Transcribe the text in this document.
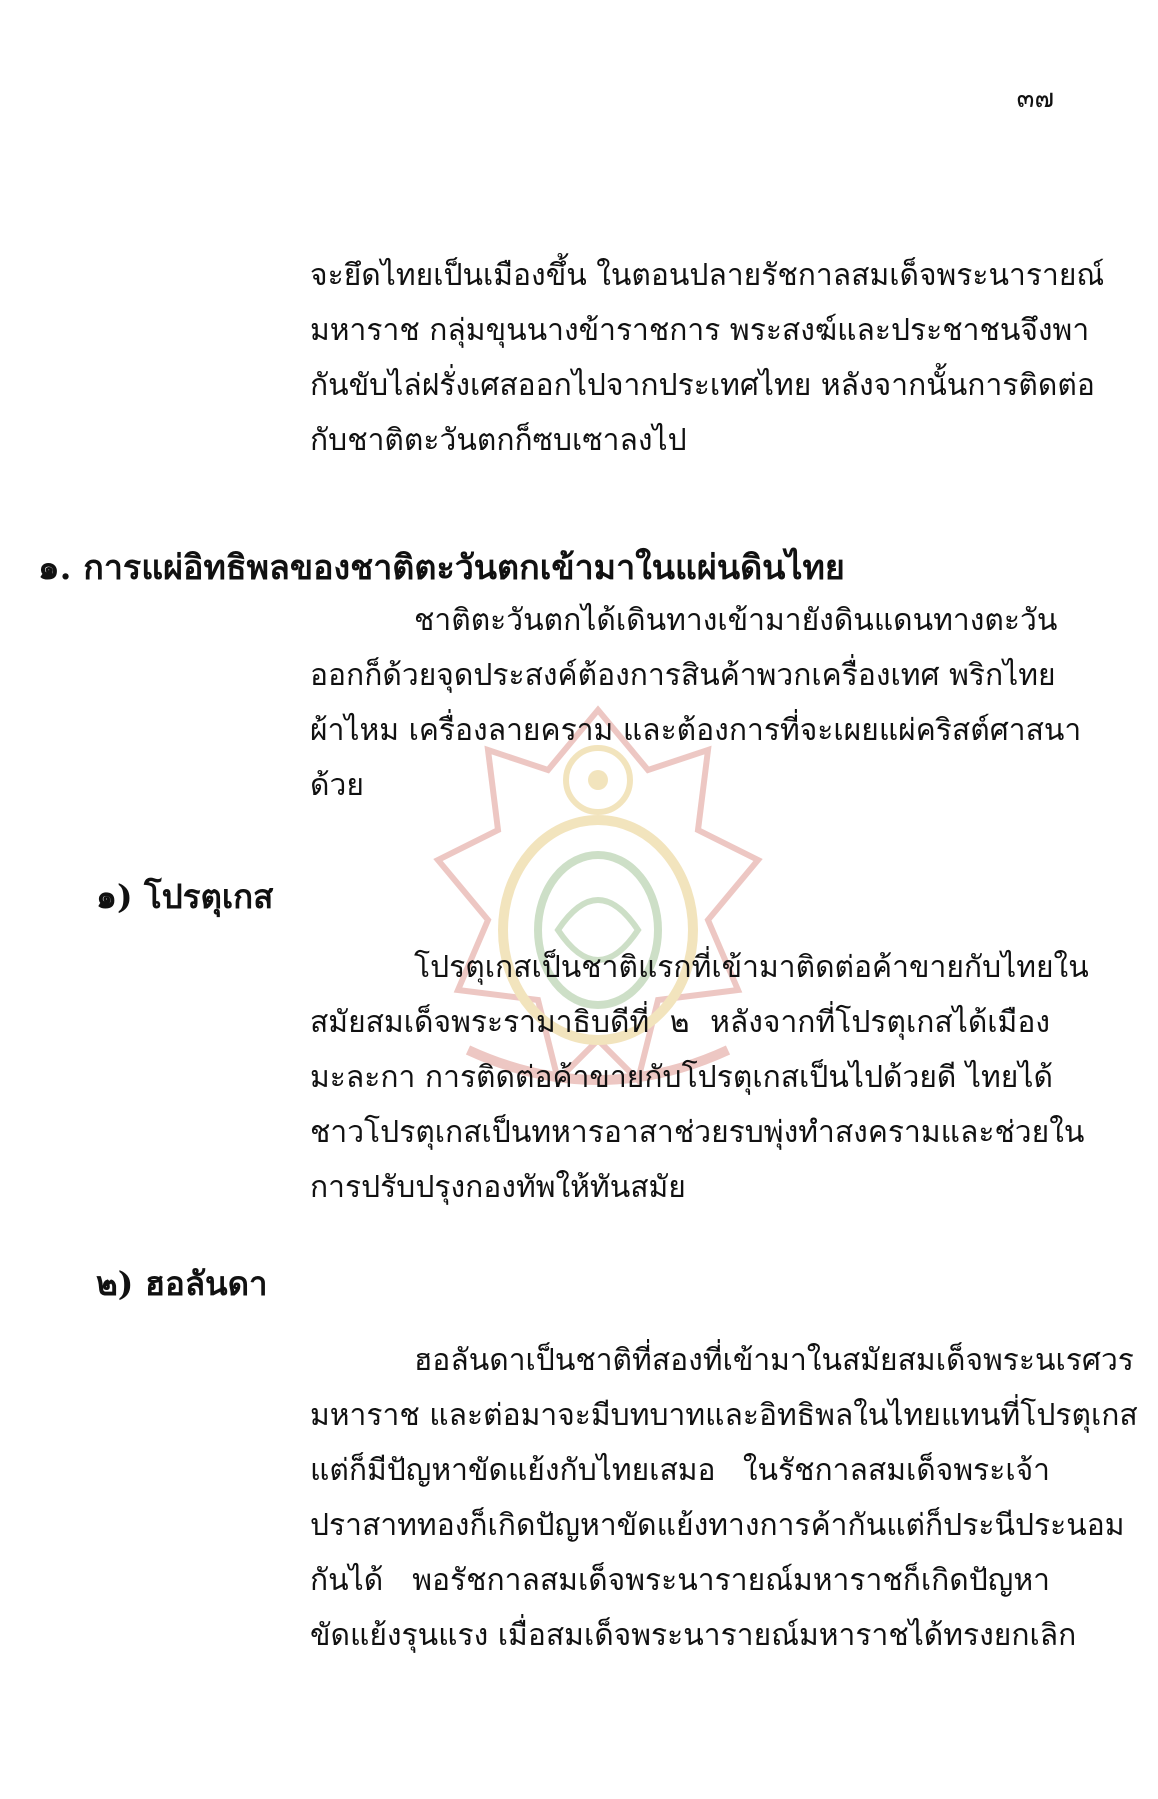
๓๗
จะยึดไทยเป็นเมืองขึ้น ในตอนปลายรัชกาลสมเด็จพระนารายณ์
มหาราช กลุ่มขุนนางข้าราชการ พระสงฆ์และประชาชนจึงพา
กันขับไล่ฝรั่งเศสออกไปจากประเทศไทย หลังจากนั้นการติดต่อ
กับชาติตะวันตกก็ซบเซาลงไป
๑. การแผ่อิทธิพลของชาติตะวันตกเข้ามาในแผ่นดินไทย
ชาติตะวันตกได้เดินทางเข้ามายังดินแดนทางตะวัน
ออกก็ด้วยจุดประสงค์ต้องการสินค้าพวกเครื่องเทศ พริกไทย
ผ้าไหม เครื่องลายคราม และต้องการที่จะเผยแผ่คริสต์ศาสนา
ด้วย
๑) โปรตุเกส
โปรตุเกสเป็นชาติแรกที่เข้ามาติดต่อค้าขายกับไทยใน
สมัยสมเด็จพระรามาธิบดีที่ ๒ หลังจากที่โปรตุเกสได้เมือง
มะละกา การติดต่อค้าขายกับโปรตุเกสเป็นไปด้วยดี ไทยได้
ชาวโปรตุเกสเป็นทหารอาสาช่วยรบพุ่งทำสงครามและช่วยใน
การปรับปรุงกองทัพให้ทันสมัย
๒) ฮอลันดา
ฮอลันดาเป็นชาติที่สองที่เข้ามาในสมัยสมเด็จพระนเรศวร
มหาราช และต่อมาจะมีบทบาทและอิทธิพลในไทยแทนที่โปรตุเกส
แต่ก็มีปัญหาขัดแย้งกับไทยเสมอ ในรัชกาลสมเด็จพระเจ้า
ปราสาททองก็เกิดปัญหาขัดแย้งทางการค้ากันแต่ก็ประนีประนอม
กันได้ พอรัชกาลสมเด็จพระนารายณ์มหาราชก็เกิดปัญหา
ขัดแย้งรุนแรง เมื่อสมเด็จพระนารายณ์มหาราชได้ทรงยกเลิก
